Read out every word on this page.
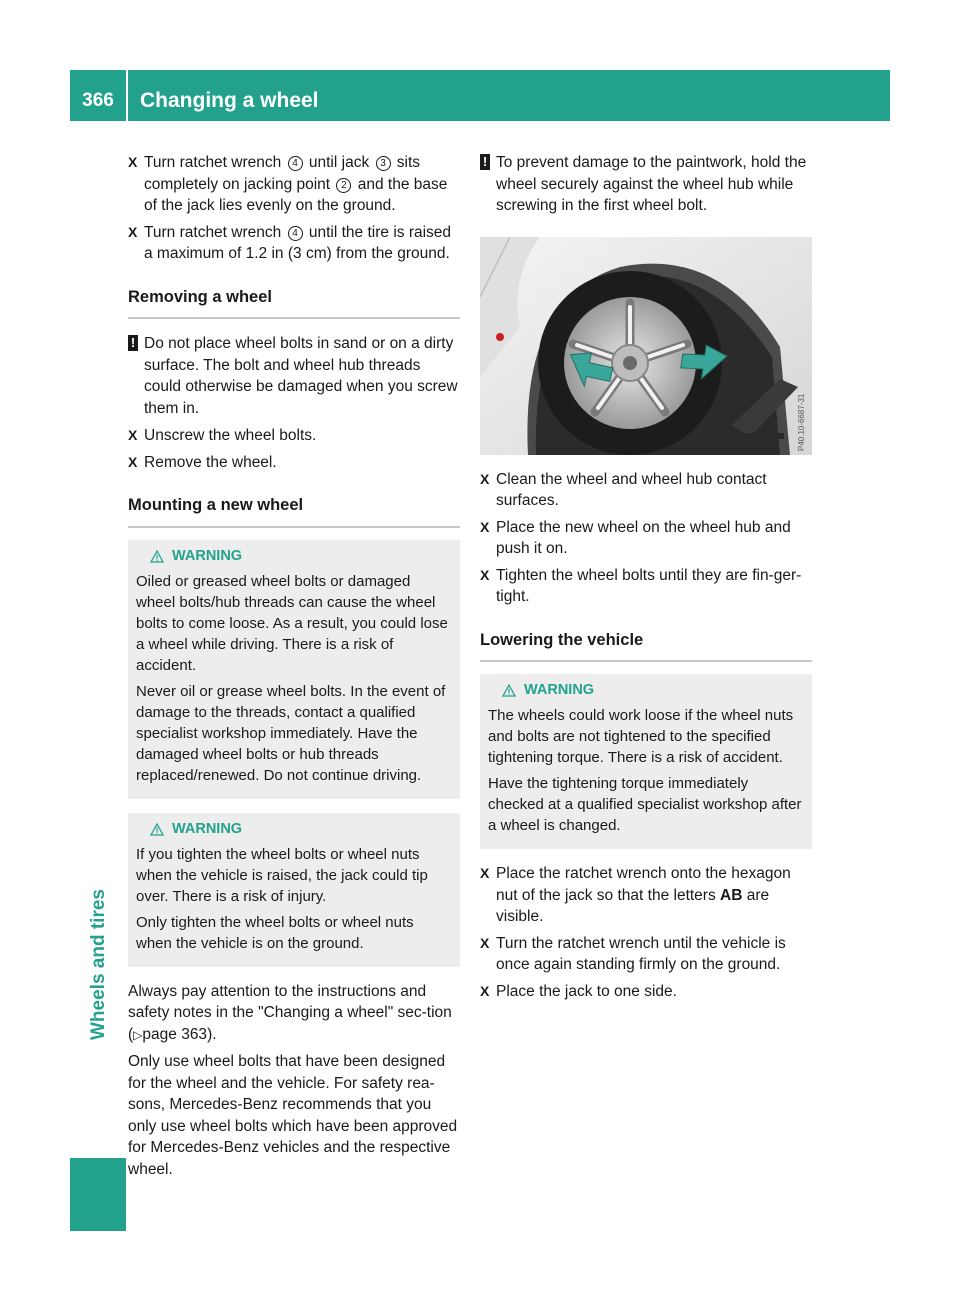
366	Changing a wheel
Wheels and tires
X Turn ratchet wrench 4 until jack 3 sits completely on jacking point 2 and the base of the jack lies evenly on the ground.
X Turn ratchet wrench 4 until the tire is raised a maximum of 1.2 in (3 cm) from the ground.
Removing a wheel
! Do not place wheel bolts in sand or on a dirty surface. The bolt and wheel hub threads could otherwise be damaged when you screw them in.
X Unscrew the wheel bolts.
X Remove the wheel.
Mounting a new wheel
WARNING

Oiled or greased wheel bolts or damaged wheel bolts/hub threads can cause the wheel bolts to come loose. As a result, you could lose a wheel while driving. There is a risk of accident.

Never oil or grease wheel bolts. In the event of damage to the threads, contact a qualified specialist workshop immediately. Have the damaged wheel bolts or hub threads replaced/renewed. Do not continue driving.

WARNING

If you tighten the wheel bolts or wheel nuts when the vehicle is raised, the jack could tip over. There is a risk of injury.

Only tighten the wheel bolts or wheel nuts when the vehicle is on the ground.

Always pay attention to the instructions and safety notes in the "Changing a wheel" sec-tion (▷page 363).

Only use wheel bolts that have been designed for the wheel and the vehicle. For safety rea-sons, Mercedes-Benz recommends that you only use wheel bolts which have been approved for Mercedes-Benz vehicles and the respective wheel.

! To prevent damage to the paintwork, hold the wheel securely against the wheel hub while screwing in the first wheel bolt.
P40.10-6687-31
X Clean the wheel and wheel hub contact surfaces.
X Place the new wheel on the wheel hub and push it on.
X Tighten the wheel bolts until they are fin-ger-tight.
Lowering the vehicle
WARNING

The wheels could work loose if the wheel nuts and bolts are not tightened to the specified tightening torque. There is a risk of accident.

Have the tightening torque immediately checked at a qualified specialist workshop after a wheel is changed.

X Place the ratchet wrench onto the hexagon nut of the jack so that the letters AB are visible.
X Turn the ratchet wrench until the vehicle is once again standing firmly on the ground.
X Place the jack to one side.
